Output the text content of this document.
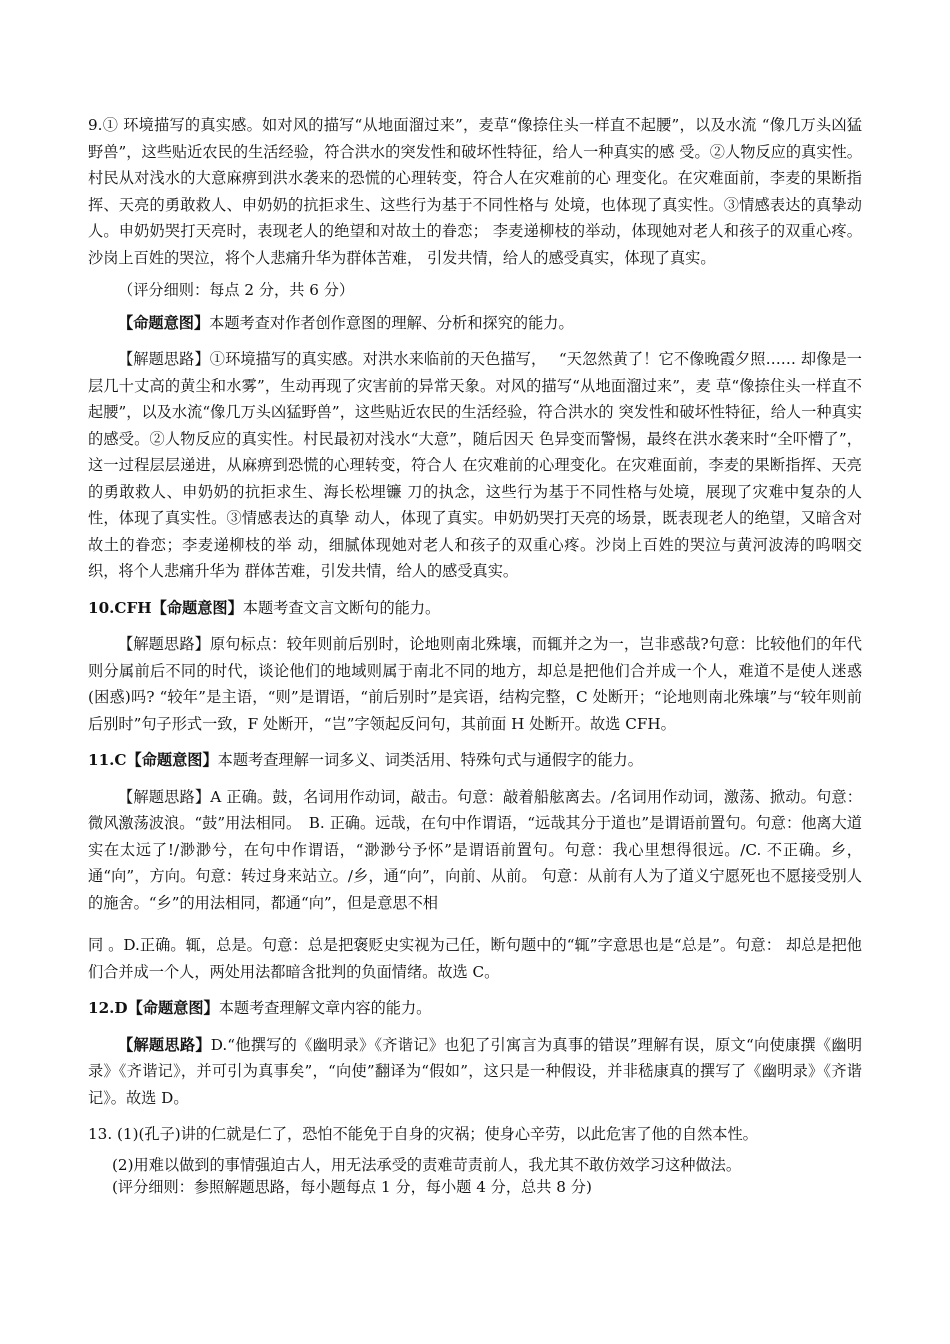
9.① 环境描写的真实感。如对风的描写“从地面溜过来”，麦草“像捺住头一样直不起腰”，以及水流 “像几万头凶猛野兽”，这些贴近农民的生活经验，符合洪水的突发性和破坏性特征，给人一种真实的感 受。②人物反应的真实性。村民从对浅水的大意麻痹到洪水袭来的恐慌的心理转变，符合人在灾难前的心 理变化。在灾难面前，李麦的果断指挥、天亮的勇敢救人、申奶奶的抗拒求生、这些行为基于不同性格与 处境，也体现了真实性。③情感表达的真挚动人。申奶奶哭打天亮时，表现老人的绝望和对故土的眷恋； 李麦递柳枝的举动，体现她对老人和孩子的双重心疼。沙岗上百姓的哭泣，将个人悲痛升华为群体苦难， 引发共情，给人的感受真实，体现了真实。

（评分细则：每点 2 分，共 6 分）

【命题意图】本题考查对作者创作意图的理解、分析和探究的能力。

【解题思路】①环境描写的真实感。对洪水来临前的天色描写，　 “天忽然黄了！它不像晚霞夕照…… 却像是一层几十丈高的黄尘和水雾”，生动再现了灾害前的异常天象。对风的描写“从地面溜过来”，麦 草“像捺住头一样直不起腰”，以及水流“像几万头凶猛野兽”，这些贴近农民的生活经验，符合洪水的 突发性和破坏性特征，给人一种真实的感受。②人物反应的真实性。村民最初对浅水“大意”，随后因天 色异变而警惕，最终在洪水袭来时“全吓懵了”，这一过程层层递进，从麻痹到恐慌的心理转变，符合人 在灾难前的心理变化。在灾难面前，李麦的果断指挥、天亮的勇敢救人、申奶奶的抗拒求生、海长松埋镰 刀的执念，这些行为基于不同性格与处境，展现了灾难中复杂的人性，体现了真实性。③情感表达的真挚 动人，体现了真实。申奶奶哭打天亮的场景，既表现老人的绝望，又暗含对故土的眷恋；李麦递柳枝的举 动，细腻体现她对老人和孩子的双重心疼。沙岗上百姓的哭泣与黄河波涛的呜咽交织，将个人悲痛升华为 群体苦难，引发共情，给人的感受真实。

10.CFH【命题意图】本题考查文言文断句的能力。

【解题思路】原句标点：较年则前后别时，论地则南北殊壤，而辄并之为一，岂非惑哉?句意：比较他们的年代则分属前后不同的时代，谈论他们的地域则属于南北不同的地方，却总是把他们合并成一个人，难道不是使人迷惑(困惑)吗? “较年”是主语，“则”是谓语，“前后别时”是宾语，结构完整，C 处断开；“论地则南北殊壤”与“较年则前后别时”句子形式一致，F 处断开，“岂”字领起反问句，其前面 H 处断开。故选 CFH。

11.C【命题意图】本题考查理解一词多义、词类活用、特殊句式与通假字的能力。

【解题思路】A 正确。鼓，名词用作动词，敲击。句意：敲着船舷离去。/名词用作动词，激荡、掀动。句意：微风激荡波浪。“鼓”用法相同。　B. 正确。远哉，在句中作谓语，“远哉其分于道也”是谓语前置句。句意：他离大道实在太远了!/渺渺兮，在句中作谓语，“渺渺兮予怀”是谓语前置句。句意：我心里想得很远。/C. 不正确。乡，通“向”，方向。句意：转过身来站立。/乡，通“向”，向前、从前。 句意：从前有人为了道义宁愿死也不愿接受别人的施舍。“乡”的用法相同，都通“向”，但是意思不相

同 。D.正确。辄，总是。句意：总是把褒贬史实视为己任，断句题中的“辄”字意思也是“总是”。句意： 却总是把他们合并成一个人，两处用法都暗含批判的负面情绪。故选 C。

12.D【命题意图】本题考查理解文章内容的能力。

【解题思路】D.“他撰写的《幽明录》《齐谐记》也犯了引寓言为真事的错误”理解有误，原文“向使康撰《幽明录》《齐谐记》，并可引为真事矣”，“向使”翻译为“假如”，这只是一种假设，并非嵇康真的撰写了《幽明录》《齐谐记》。故选 D。

13. (1)(孔子)讲的仁就是仁了，恐怕不能免于自身的灾祸；使身心辛劳，以此危害了他的自然本性。

(2)用难以做到的事情强迫古人，用无法承受的责难苛责前人，我尤其不敢仿效学习这种做法。

(评分细则：参照解题思路，每小题每点 1 分，每小题 4 分，总共 8 分)
